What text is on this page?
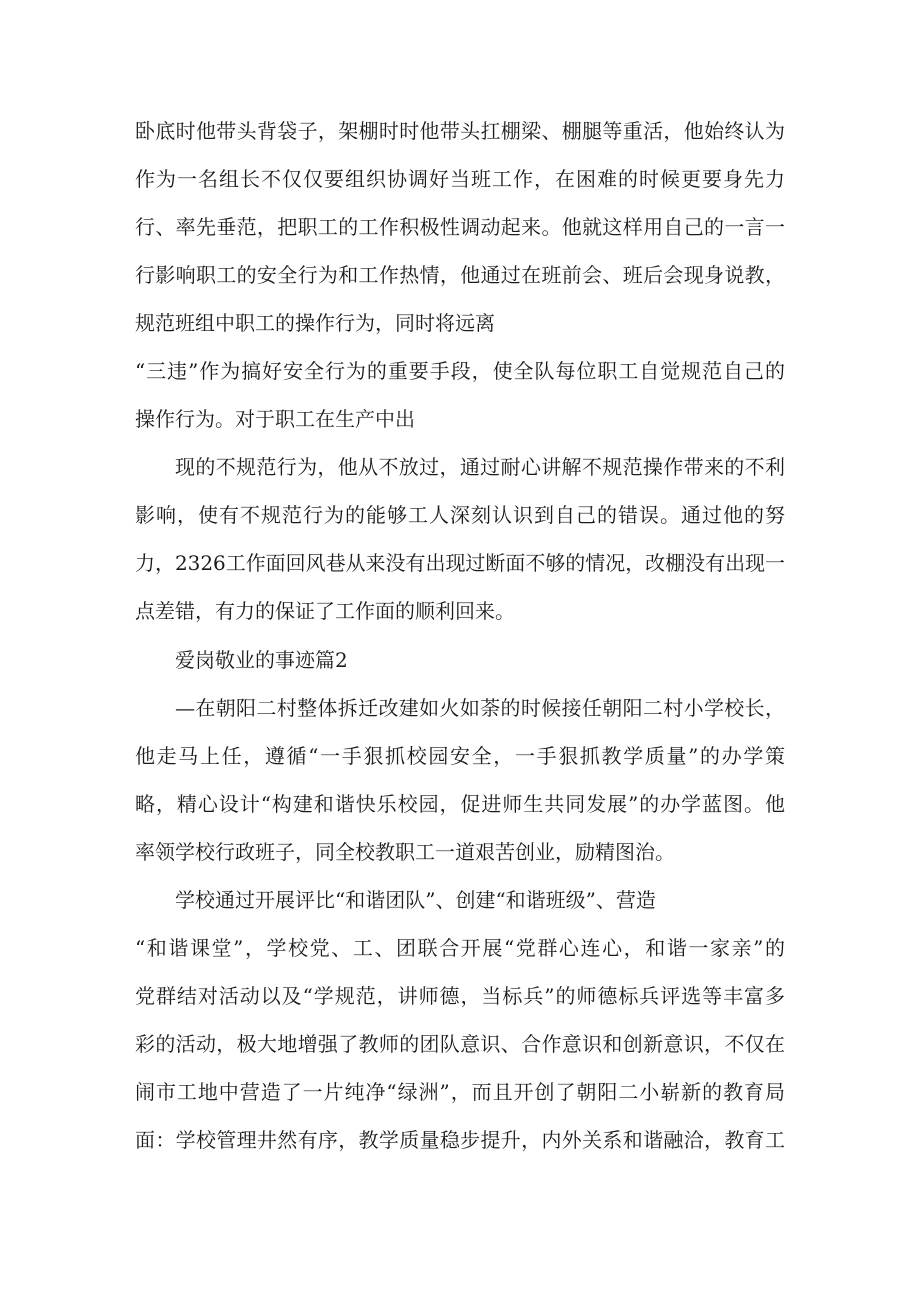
卧底时他带头背袋子，架棚时时他带头扛棚梁、棚腿等重活，他始终认为
作为一名组长不仅仅要组织协调好当班工作，在困难的时候更要身先力
行、率先垂范，把职工的工作积极性调动起来。他就这样用自己的一言一
行影响职工的安全行为和工作热情，他通过在班前会、班后会现身说教，
规范班组中职工的操作行为，同时将远离
“三违”作为搞好安全行为的重要手段，使全队每位职工自觉规范自己的
操作行为。对于职工在生产中出
现的不规范行为，他从不放过，通过耐心讲解不规范操作带来的不利
影响，使有不规范行为的能够工人深刻认识到自己的错误。通过他的努
力，2326工作面回风巷从来没有出现过断面不够的情况，改棚没有出现一
点差错，有力的保证了工作面的顺利回来。
爱岗敬业的事迹篇2
—在朝阳二村整体拆迁改建如火如荼的时候接任朝阳二村小学校长，
他走马上任，遵循“一手狠抓校园安全，一手狠抓教学质量”的办学策
略，精心设计“构建和谐快乐校园，促进师生共同发展”的办学蓝图。他
率领学校行政班子，同全校教职工一道艰苦创业，励精图治。
学校通过开展评比“和谐团队”、创建“和谐班级”、营造
“和谐课堂”，学校党、工、团联合开展“党群心连心，和谐一家亲”的
党群结对活动以及“学规范，讲师德，当标兵”的师德标兵评选等丰富多
彩的活动，极大地增强了教师的团队意识、合作意识和创新意识，不仅在
闹市工地中营造了一片纯净“绿洲”，而且开创了朝阳二小崭新的教育局
面：学校管理井然有序，教学质量稳步提升，内外关系和谐融洽，教育工
